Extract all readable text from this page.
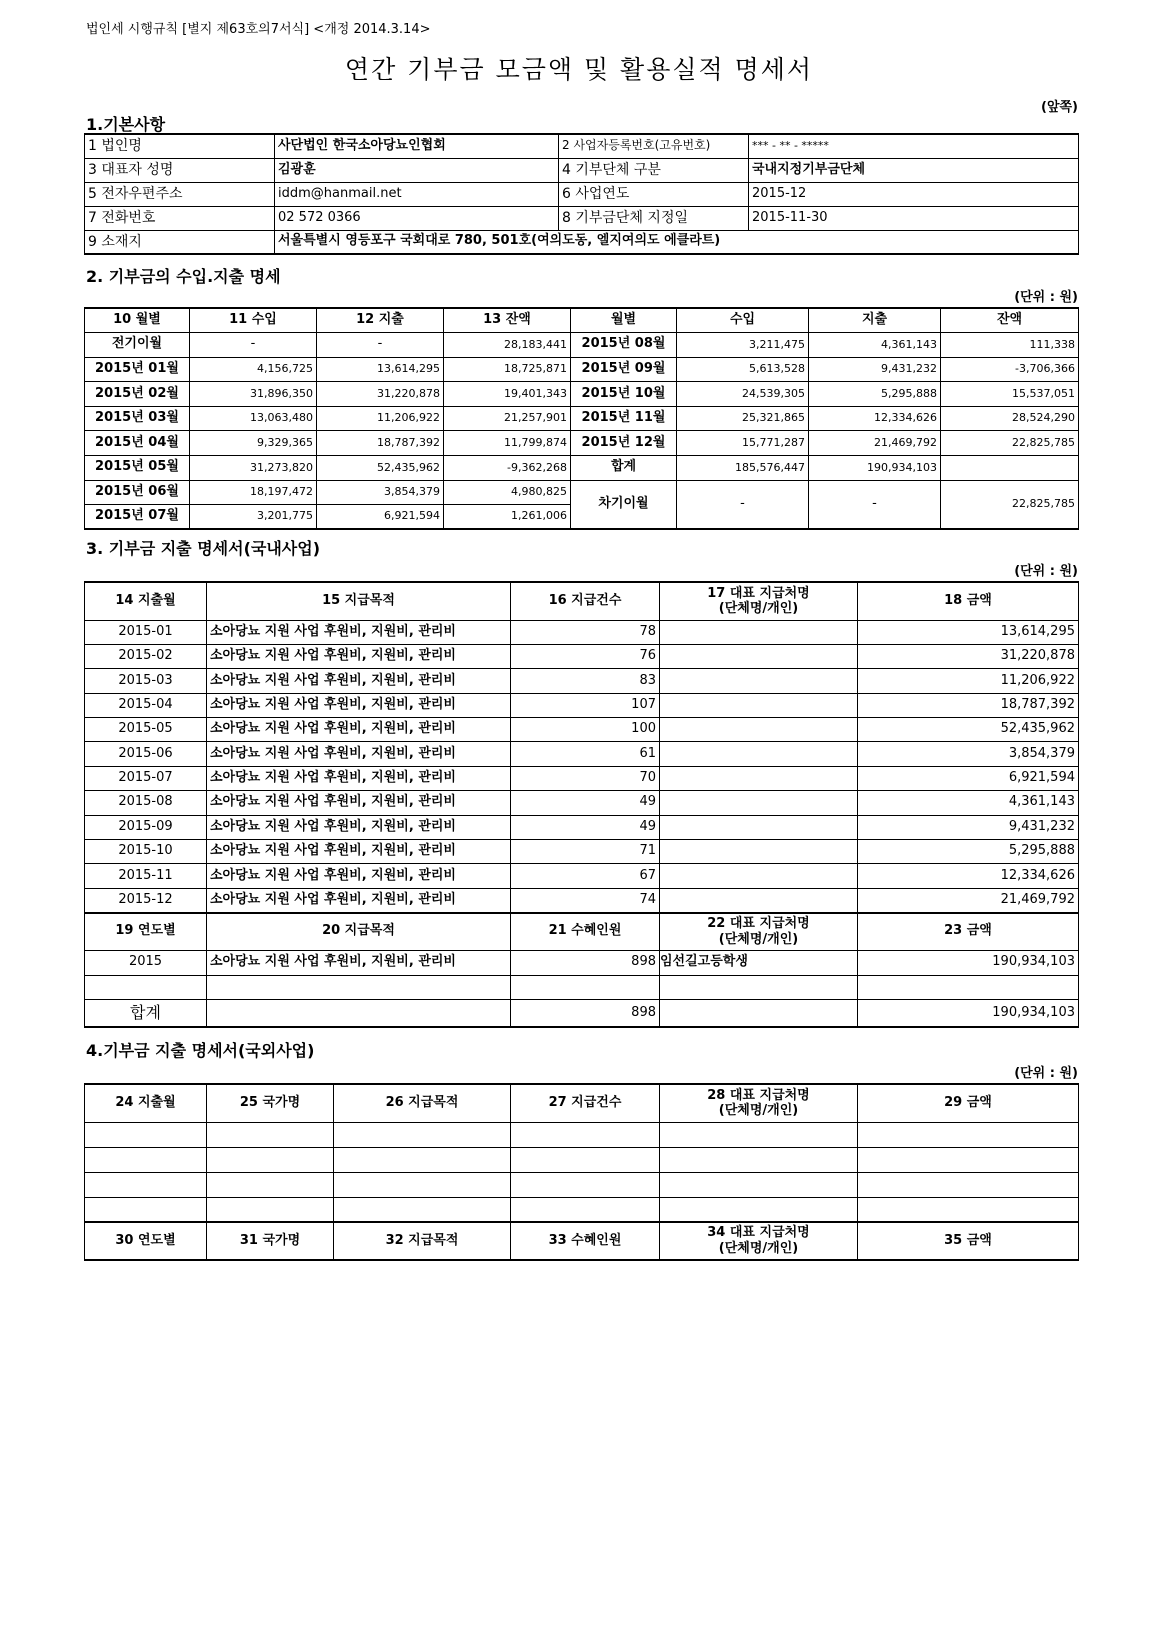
법인세 시행규칙 [별지 제63호의7서식] <개정 2014.3.14>
연간 기부금 모금액 및 활용실적 명세서
(앞쪽)
1.기본사항
1 법인명	사단법인 한국소아당뇨인협회	2 사업자등록번호(고유번호)	*** - ** - *****
3 대표자 성명	김광훈	4 기부단체 구분	국내지정기부금단체
5 전자우편주소	iddm@hanmail.net	6 사업연도	2015-12
7 전화번호	02 572 0366	8 기부금단체 지정일	2015-11-30
9 소재지	서울특별시 영등포구 국회대로 780, 501호(여의도동, 엘지여의도 에클라트)		
2. 기부금의 수입.지출 명세
(단위 : 원)
10 월별	11 수입	12 지출	13 잔액	월별	수입	지출	잔액
전기이월	-	-	28,183,441	2015년 08월	3,211,475	4,361,143	111,338
2015년 01월	4,156,725	13,614,295	18,725,871	2015년 09월	5,613,528	9,431,232	-3,706,366
2015년 02월	31,896,350	31,220,878	19,401,343	2015년 10월	24,539,305	5,295,888	15,537,051
2015년 03월	13,063,480	11,206,922	21,257,901	2015년 11월	25,321,865	12,334,626	28,524,290
2015년 04월	9,329,365	18,787,392	11,799,874	2015년 12월	15,771,287	21,469,792	22,825,785
2015년 05월	31,273,820	52,435,962	-9,362,268	합계	185,576,447	190,934,103	
2015년 06월	18,197,472	3,854,379	4,980,825	차기이월	-	-	22,825,785
2015년 07월	3,201,775	6,921,594	1,261,006				
3. 기부금 지출 명세서(국내사업)
(단위 : 원)
14 지출월	15 지급목적	16 지급건수	17 대표 지급처명
(단체명/개인)	18 금액
2015-01	소아당뇨 지원 사업 후원비, 지원비, 관리비	78		13,614,295
2015-02	소아당뇨 지원 사업 후원비, 지원비, 관리비	76		31,220,878
2015-03	소아당뇨 지원 사업 후원비, 지원비, 관리비	83		11,206,922
2015-04	소아당뇨 지원 사업 후원비, 지원비, 관리비	107		18,787,392
2015-05	소아당뇨 지원 사업 후원비, 지원비, 관리비	100		52,435,962
2015-06	소아당뇨 지원 사업 후원비, 지원비, 관리비	61		3,854,379
2015-07	소아당뇨 지원 사업 후원비, 지원비, 관리비	70		6,921,594
2015-08	소아당뇨 지원 사업 후원비, 지원비, 관리비	49		4,361,143
2015-09	소아당뇨 지원 사업 후원비, 지원비, 관리비	49		9,431,232
2015-10	소아당뇨 지원 사업 후원비, 지원비, 관리비	71		5,295,888
2015-11	소아당뇨 지원 사업 후원비, 지원비, 관리비	67		12,334,626
2015-12	소아당뇨 지원 사업 후원비, 지원비, 관리비	74		21,469,792
19 연도별	20 지급목적	21 수혜인원	22 대표 지급처명
(단체명/개인)	23 금액
2015	소아당뇨 지원 사업 후원비, 지원비, 관리비	898	임선길고등학생	190,934,103

합계		898		190,934,103
4.기부금 지출 명세서(국외사업)
(단위 : 원)
24 지출월	25 국가명	26 지급목적	27 지급건수	28 대표 지급처명
(단체명/개인)	29 금액

30 연도별	31 국가명	32 지급목적	33 수혜인원	34 대표 지급처명
(단체명/개인)	35 금액
